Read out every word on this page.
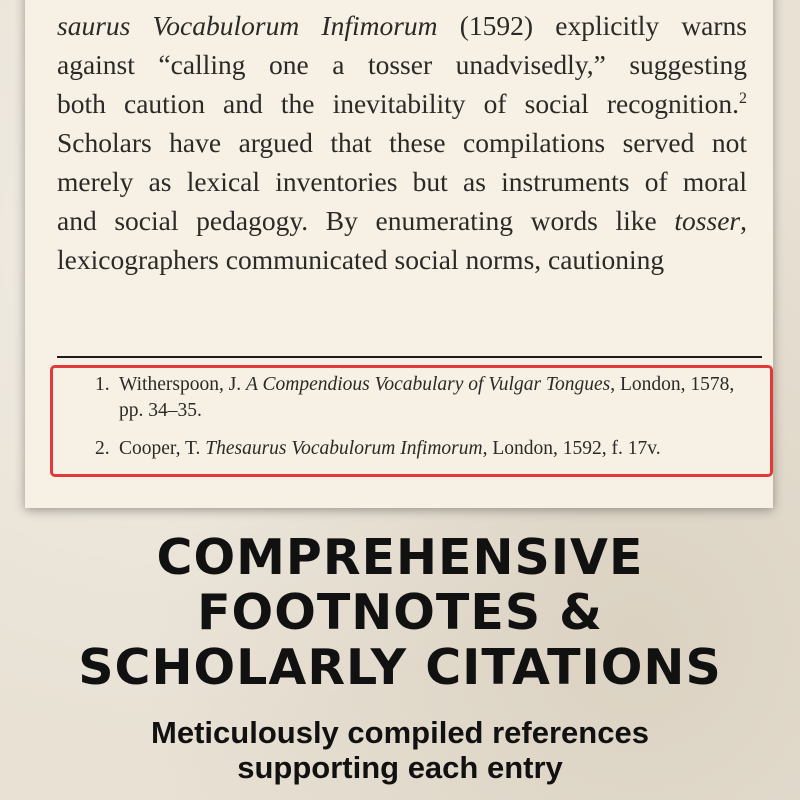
saurus Vocabulorum Infimorum (1592) explicitly warns
against “calling one a tosser unadvisedly,” suggesting
both caution and the inevitability of social recognition.$^2$
Scholars have argued that these compilations served not
merely as lexical inventories but as instruments of moral
and social pedagogy. By enumerating words like tosser,
lexicographers communicated social norms, cautioning
1. Witherspoon, J. A Compendious Vocabulary of Vulgar Tongues, London, 1578, pp. 34–35.
2. Cooper, T. Thesaurus Vocabulorum Infimorum, London, 1592, f. 17v.
COMPREHENSIVE
FOOTNOTES &
SCHOLARLY CITATIONS
Meticulously compiled references
supporting each entry
